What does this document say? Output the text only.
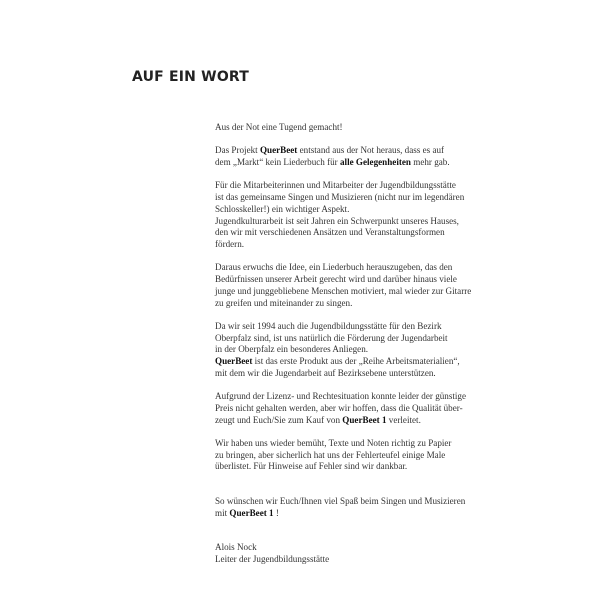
AUF EIN WORT
Aus der Not eine Tugend gemacht!
Das Projekt QuerBeet entstand aus der Not heraus, dass es auf
dem „Markt“ kein Liederbuch für alle Gelegenheiten mehr gab.
Für die Mitarbeiterinnen und Mitarbeiter der Jugendbildungsstätte
ist das gemeinsame Singen und Musizieren (nicht nur im legendären
Schlosskeller!) ein wichtiger Aspekt.
Jugendkulturarbeit ist seit Jahren ein Schwerpunkt unseres Hauses,
den wir mit verschiedenen Ansätzen und Veranstaltungsformen
fördern.
Daraus erwuchs die Idee, ein Liederbuch herauszugeben, das den
Bedürfnissen unserer Arbeit gerecht wird und darüber hinaus viele
junge und junggebliebene Menschen motiviert, mal wieder zur Gitarre
zu greifen und miteinander zu singen.
Da wir seit 1994 auch die Jugendbildungsstätte für den Bezirk
Oberpfalz sind, ist uns natürlich die Förderung der Jugendarbeit
in der Oberpfalz ein besonderes Anliegen.
QuerBeet ist das erste Produkt aus der „Reihe Arbeitsmaterialien“,
mit dem wir die Jugendarbeit auf Bezirksebene unterstützen.
Aufgrund der Lizenz- und Rechtesituation konnte leider der günstige
Preis nicht gehalten werden, aber wir hoffen, dass die Qualität über-
zeugt und Euch/Sie zum Kauf von QuerBeet 1 verleitet.
Wir haben uns wieder bemüht, Texte und Noten richtig zu Papier
zu bringen, aber sicherlich hat uns der Fehlerteufel einige Male
überlistet. Für Hinweise auf Fehler sind wir dankbar.
So wünschen wir Euch/Ihnen viel Spaß beim Singen und Musizieren
mit QuerBeet 1 !
Alois Nock
Leiter der Jugendbildungsstätte
